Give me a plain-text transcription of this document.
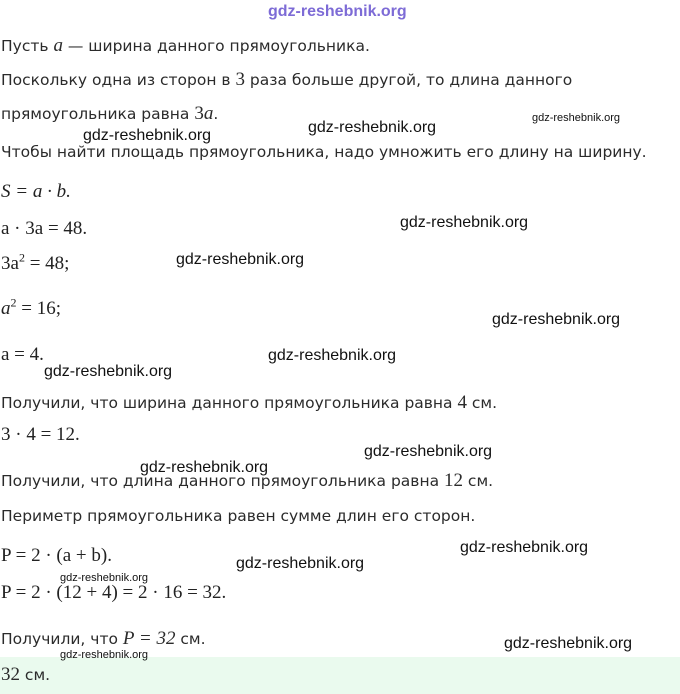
gdz-reshebnik.org
Пусть a — ширина данного прямоугольника.
Поскольку одна из сторон в 3 раза больше другой, то длина данного
прямоугольника равна 3a.
Чтобы найти площадь прямоугольника, надо умножить его длину на ширину.
S = a · b.
a · 3a = 48.
$3a^2 = 48$;
$a^2 = 16$;
a = 4.
Получили, что ширина данного прямоугольника равна 4 см.
3 · 4 = 12.
Получили, что длина данного прямоугольника равна 12 см.
Периметр прямоугольника равен сумме длин его сторон.
P = 2 · (a + b).
P = 2 · (12 + 4) = 2 · 16 = 32.
Получили, что P = 32 см.
32 см.
gdz-reshebnik.org	gdz-reshebnik.org
gdz-reshebnik.org
gdz-reshebnik.org
gdz-reshebnik.org
gdz-reshebnik.org
gdz-reshebnik.org
gdz-reshebnik.org
gdz-reshebnik.org
gdz-reshebnik.org
gdz-reshebnik.org
gdz-reshebnik.org
gdz-reshebnik.org
gdz-reshebnik.org
gdz-reshebnik.org
